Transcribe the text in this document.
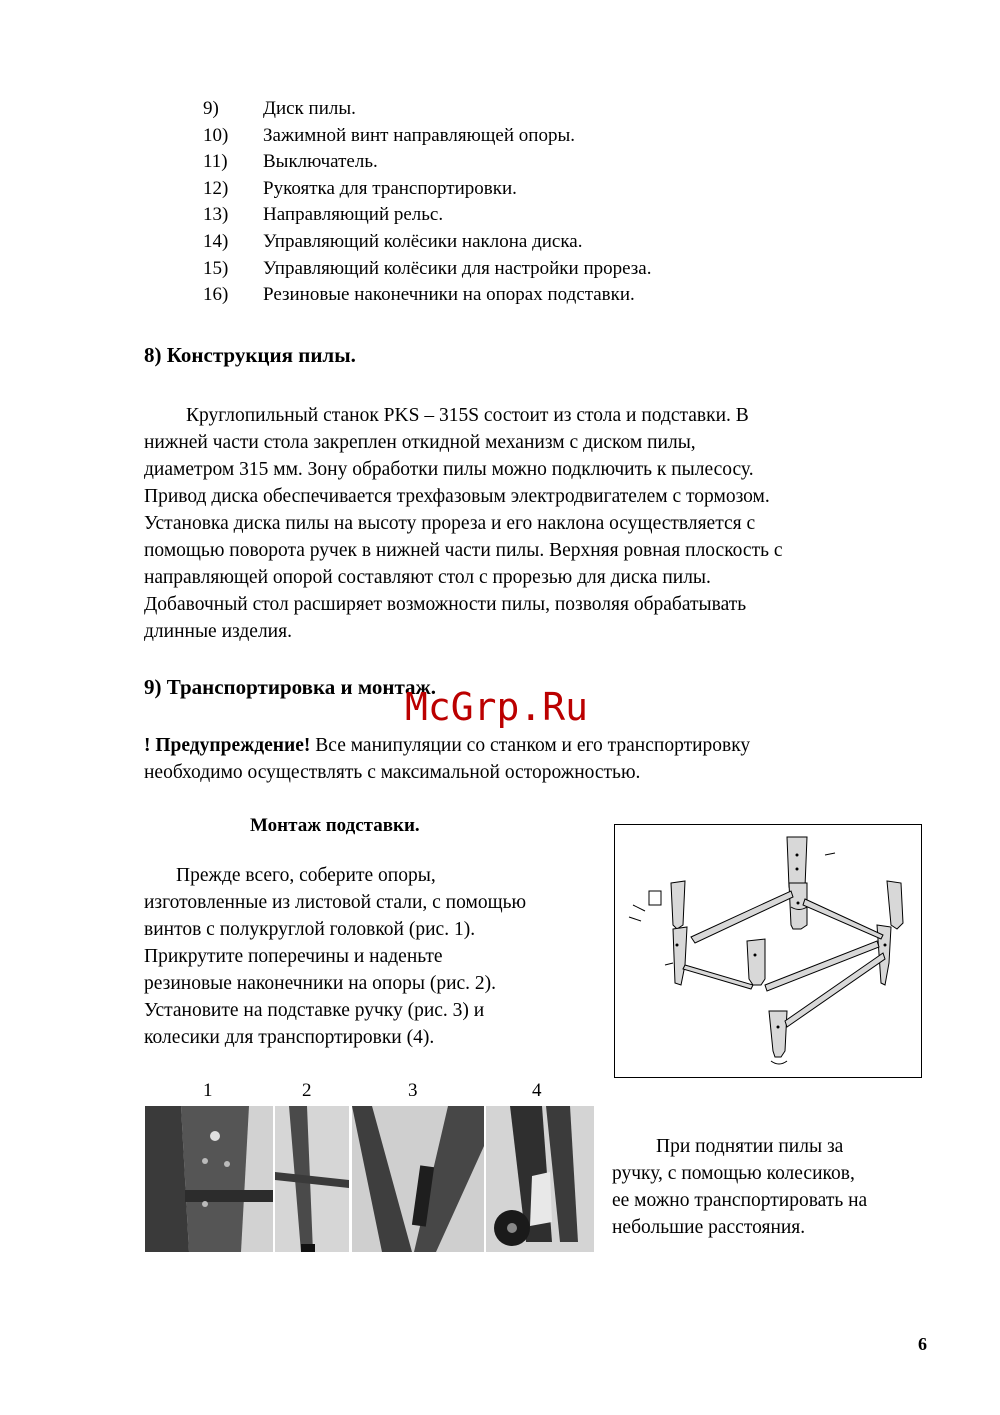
9)	Диск пилы.
10)	Зажимной винт направляющей опоры.
11)	Выключатель.
12)	Рукоятка для транспортировки.
13)	Направляющий рельс.
14)	Управляющий колёсики наклона диска.
15)	Управляющий колёсики для настройки прореза.
16)	Резиновые наконечники на опорах подставки.
8) Конструкция пилы.

Круглопильный станок PKS – 315S состоит из стола и подставки. В

нижней части стола закреплен откидной механизм с диском пилы,

диаметром 315 мм. Зону обработки пилы можно подключить к пылесосу.

Привод диска обеспечивается трехфазовым электродвигателем с тормозом.

Установка диска пилы на высоту прореза и его наклона осуществляется с

помощью поворота ручек в нижней части пилы. Верхняя ровная плоскость с

направляющей опорой составляют стол с прорезью для диска пилы.

Добавочный стол расширяет возможности пилы, позволяя обрабатывать

длинные изделия.

9) Транспортировка и монтаж.
McGrp.Ru

! Предупреждение! Все манипуляции со станком и его транспортировку

необходимо осуществлять с максимальной осторожностью.

Монтаж подставки.

Прежде всего, соберите опоры,

изготовленные из листовой стали, с помощью

винтов с полукруглой головкой (рис. 1).

Прикрутите поперечины и наденьте

резиновые наконечники на опоры (рис. 2).

Установите на подставке ручку (рис. 3) и

колесики для транспортировки (4).

1	2	3	4

При поднятии пилы за

ручку, с помощью колесиков,

ее можно транспортировать на

небольшие расстояния.

6
